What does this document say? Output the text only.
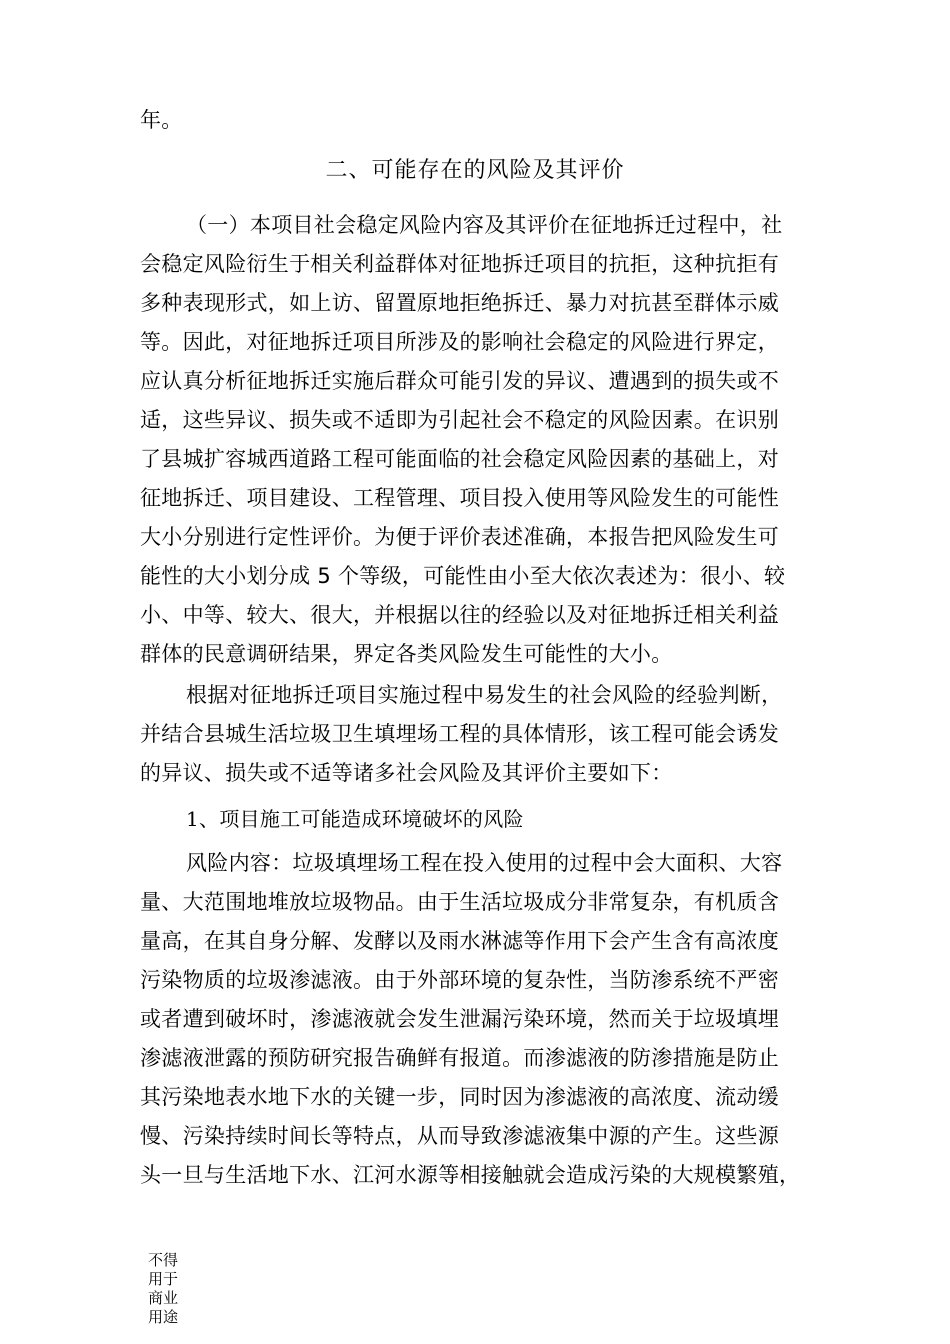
年。
二、可能存在的风险及其评价
（一）本项目社会稳定风险内容及其评价在征地拆迁过程中，社
会稳定风险衍生于相关利益群体对征地拆迁项目的抗拒，这种抗拒有
多种表现形式，如上访、留置原地拒绝拆迁、暴力对抗甚至群体示威
等。因此，对征地拆迁项目所涉及的影响社会稳定的风险进行界定，
应认真分析征地拆迁实施后群众可能引发的异议、遭遇到的损失或不
适，这些异议、损失或不适即为引起社会不稳定的风险因素。在识别
了县城扩容城西道路工程可能面临的社会稳定风险因素的基础上，对
征地拆迁、项目建设、工程管理、项目投入使用等风险发生的可能性
大小分别进行定性评价。为便于评价表述准确，本报告把风险发生可
能性的大小划分成 5 个等级，可能性由小至大依次表述为：很小、较
小、中等、较大、很大，并根据以往的经验以及对征地拆迁相关利益
群体的民意调研结果，界定各类风险发生可能性的大小。
根据对征地拆迁项目实施过程中易发生的社会风险的经验判断，
并结合县城生活垃圾卫生填埋场工程的具体情形，该工程可能会诱发
的异议、损失或不适等诸多社会风险及其评价主要如下：
1、项目施工可能造成环境破坏的风险
风险内容：垃圾填埋场工程在投入使用的过程中会大面积、大容
量、大范围地堆放垃圾物品。由于生活垃圾成分非常复杂，有机质含
量高，在其自身分解、发酵以及雨水淋滤等作用下会产生含有高浓度
污染物质的垃圾渗滤液。由于外部环境的复杂性，当防渗系统不严密
或者遭到破坏时，渗滤液就会发生泄漏污染环境，然而关于垃圾填埋
渗滤液泄露的预防研究报告确鲜有报道。而渗滤液的防渗措施是防止
其污染地表水地下水的关键一步，同时因为渗滤液的高浓度、流动缓
慢、污染持续时间长等特点，从而导致渗滤液集中源的产生。这些源
头一旦与生活地下水、江河水源等相接触就会造成污染的大规模繁殖，
不得
用于
商业
用途
